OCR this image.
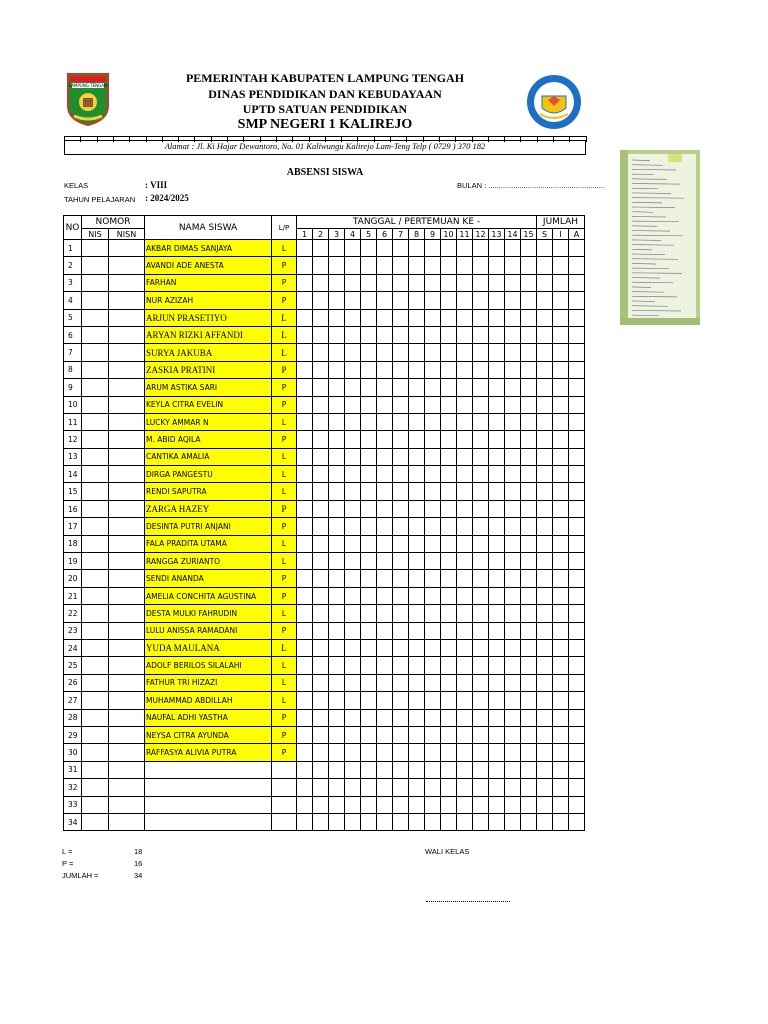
LAMPUNG TENGAH
PEMERINTAH KABUPATEN LAMPUNG TENGAH
DINAS PENDIDIKAN DAN KEBUDAYAAN
UPTD SATUAN PENDIDIKAN
SMP NEGERI 1 KALIREJO
Alamat : Jl. Ki Hajar Dewantoro, No. 01 Kaliwungu Kalirejo Lam-Teng Telp ( 0729 ) 370 182
ABSENSI SISWA
KELAS	: VIII
TAHUN PELAJARAN : 2024/2025
BULAN : ........................................................
NO	NOMOR		NAMA SISWA	L/P	TANGGAL / PERTEMUAN KE -															JUMLAH		
	NIS	NISN			1	2	3	4	5	6	7	8	9	10	11	12	13	14	15	S	I	A
1			AKBAR DIMAS SANJAYA	L																		
2			AVANDI ADE ANESTA	P																		
3			FARHAN	P																		
4			NUR AZIZAH	P																		
5			ARJUN PRASETIYO	L																		
6			ARYAN RIZKI AFFANDI	L																		
7			SURYA JAKUBA	L																		
8			ZASKIA PRATINI	P																		
9			ARUM ASTIKA SARI	P																		
10			KEYLA CITRA EVELIN	P																		
11			LUCKY AMMAR N	L																		
12			M. ABID AQILA	P																		
13			CANTIKA AMALIA	L																		
14			DIRGA PANGESTU	L																		
15			RENDI SAPUTRA	L																		
16			ZARGA HAZEY	P																		
17			DESINTA PUTRI ANJANI	P																		
18			FALA PRADITA UTAMA	L																		
19			RANGGA ZURIANTO	L																		
20			SENDI ANANDA	P																		
21			AMELIA CONCHITA AGUSTINA	P																		
22			DESTA MULKI FAHRUDIN	L																		
23			LULU ANISSA RAMADANI	P																		
24			YUDA MAULANA	L																		
25			ADOLF BERILOS SILALAHI	L																		
26			FATHUR TRI HIZAZI	L																		
27			MUHAMMAD ABDILLAH	L																		
28			NAUFAL ADHI YASTHA	P																		
29			NEYSA CITRA AYUNDA	P																		
30			RAFFASYA ALIVIA PUTRA	P																		
31																						
32																						
33																						
34																						
L =	18
P =	16
JUMLAH =	34
WALI KELAS
